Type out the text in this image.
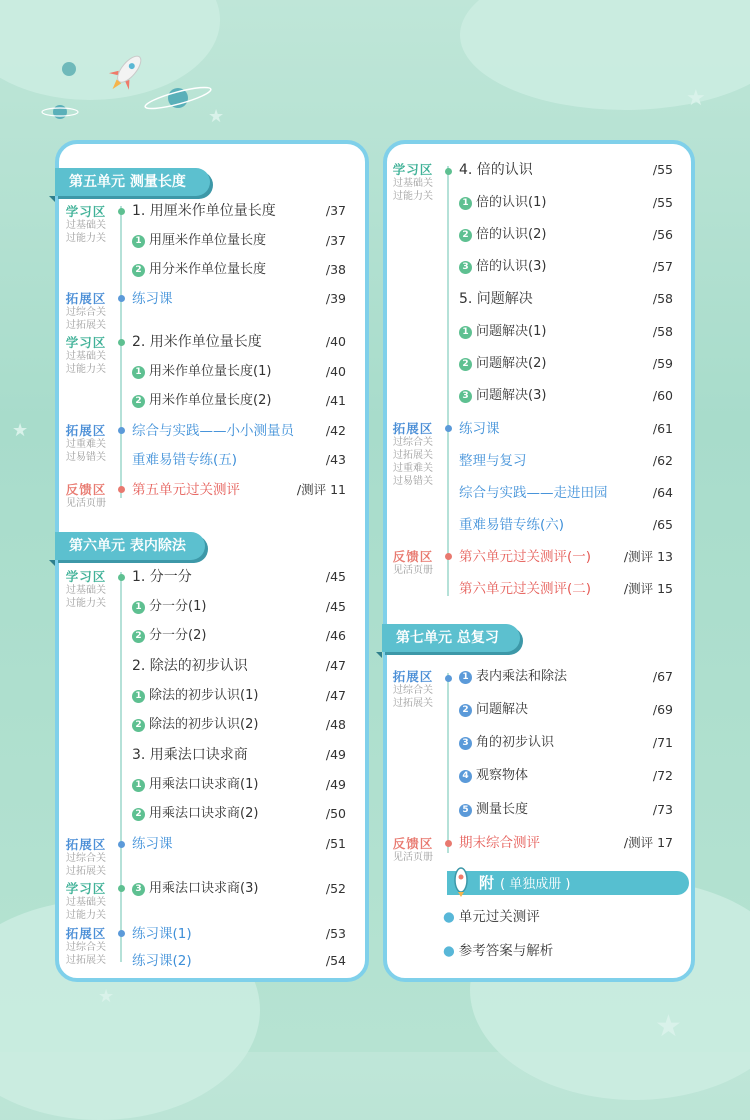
★
★
★
★
★
第五单元 测量长度
学习区
过基础关
过能力关
拓展区
过综合关
过拓展关
学习区
过基础关
过能力关
拓展区
过重难关
过易错关
反馈区
见活页册
1. 用厘米作单位量长度	/37
1 用厘米作单位量长度	/37
2 用分米作单位量长度	/38
练习课	/39
2. 用米作单位量长度	/40
1 用米作单位量长度(1)	/40
2 用米作单位量长度(2)	/41
综合与实践——小小测量员	/42
重难易错专练(五)	/43
第五单元过关测评	/测评 11
第六单元 表内除法
学习区
过基础关
过能力关
拓展区
过综合关
过拓展关
学习区
过基础关
过能力关
拓展区
过综合关
过拓展关
1. 分一分	/45
1 分一分(1)	/45
2 分一分(2)	/46
2. 除法的初步认识	/47
1 除法的初步认识(1)	/47
2 除法的初步认识(2)	/48
3. 用乘法口诀求商	/49
1 用乘法口诀求商(1)	/49
2 用乘法口诀求商(2)	/50
练习课	/51
3 用乘法口诀求商(3)	/52
练习课(1)	/53
练习课(2)	/54
学习区
过基础关
过能力关
拓展区
过综合关
过拓展关
过重难关
过易错关
反馈区
见活页册
4. 倍的认识	/55
1 倍的认识(1)	/55
2 倍的认识(2)	/56
3 倍的认识(3)	/57
5. 问题解决	/58
1 问题解决(1)	/58
2 问题解决(2)	/59
3 问题解决(3)	/60
练习课	/61
整理与复习	/62
综合与实践——走进田园	/64
重难易错专练(六)	/65
第六单元过关测评(一)	/测评 13
第六单元过关测评(二)	/测评 15
第七单元 总复习
拓展区
过综合关
过拓展关
反馈区
见活页册
1 表内乘法和除法	/67
2 问题解决	/69
3 角的初步认识	/71
4 观察物体	/72
5 测量长度	/73
期末综合测评	/测评 17
附 ( 单独成册 )
● 单元过关测评
● 参考答案与解析
